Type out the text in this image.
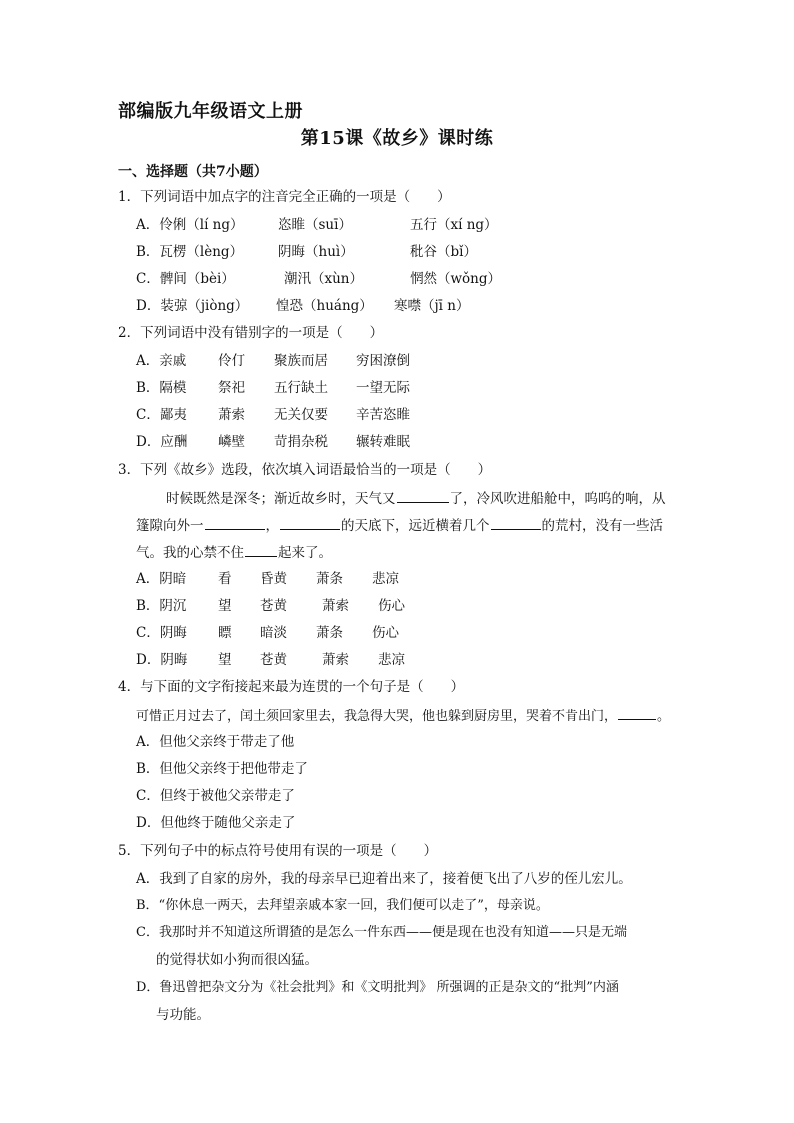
部编版九年级语文上册
第15课《故乡》课时练
一、选择题（共7小题）
1．下列词语中加点字的注音完全正确的一项是（　　）
A．伶俐（lí ng）	恣睢（suī）	五行（xí ng）
B．瓦楞（lèng）	阴晦（huì）	秕谷（bǐ）
C．髀间（bèi）	潮汛（xùn）	惘然（wǒng）
D．装弶（jiòng） 惶恐（huáng） 寒噤（jī n）
2．下列词语中没有错别字的一项是（　　）
A．亲戚 伶仃 聚族而居 穷困潦倒
B．隔模 祭祀 五行缺土 一望无际
C．鄙夷 萧索 无关仅要 辛苦恣睢
D．应酬 嶙壁 苛捐杂税 辗转难眠
3．下列《故乡》选段，依次填入词语最恰当的一项是（　　）
时候既然是深冬；渐近故乡时，天气又	了，冷风吹进船舱中，呜呜的响，从
篷隙向外一	，	的天底下，远近横着几个	的荒村，没有一些活
气。我的心禁不住	起来了。
A．阴暗 看 昏黄 萧条 悲凉
B．阴沉 望 苍黄	萧索 伤心
C．阴晦 瞟 暗淡 萧条 伤心
D．阴晦 望 苍黄	萧索 悲凉
4．与下面的文字衔接起来最为连贯的一个句子是（　　）
可惜正月过去了，闰土须回家里去，我急得大哭，他也躲到厨房里，哭着不肯出门，	。
A．但他父亲终于带走了他
B．但他父亲终于把他带走了
C．但终于被他父亲带走了
D．但他终于随他父亲走了
5．下列句子中的标点符号使用有误的一项是（　　）
A．我到了自家的房外，我的母亲早已迎着出来了，接着便飞出了八岁的侄儿宏儿。
B．“你休息一两天，去拜望亲戚本家一回，我们便可以走了”，母亲说。
C．我那时并不知道这所谓猹的是怎么一件东西——便是现在也没有知道——只是无端
的觉得状如小狗而很凶猛。
D．鲁迅曾把杂文分为《社会批判》和《文明批判》 所强调的正是杂文的“批判”内涵
与功能。
